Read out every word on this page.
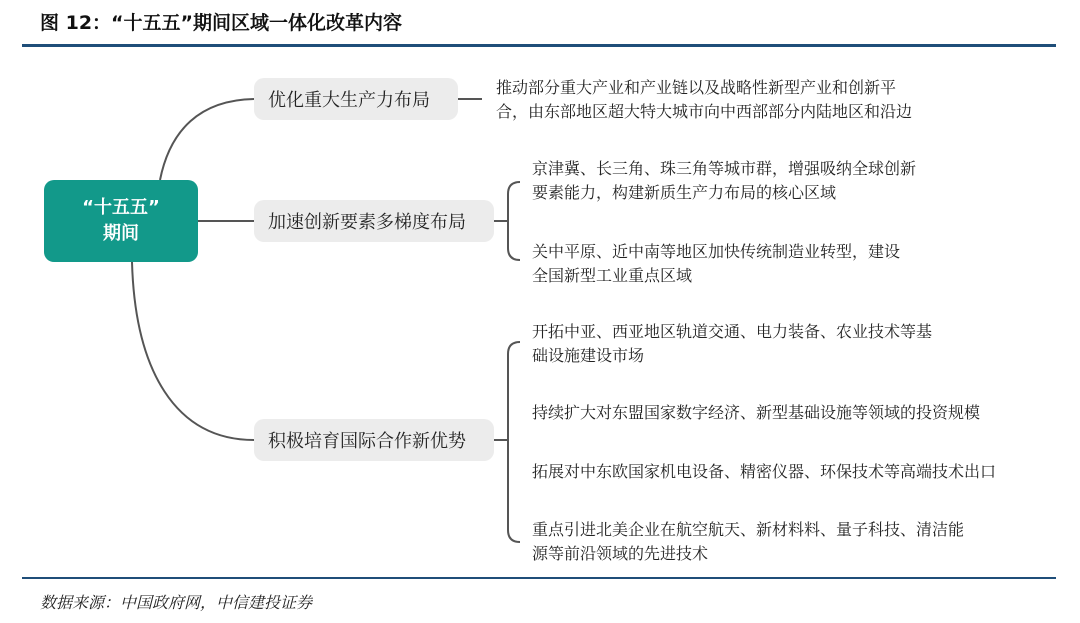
图 12：“十五五”期间区域一体化改革内容
“十五五”
期间
优化重大生产力布局
加速创新要素多梯度布局
积极培育国际合作新优势
推动部分重大产业和产业链以及战略性新型产业和创新平
合，由东部地区超大特大城市向中西部部分内陆地区和沿边
京津冀、长三角、珠三角等城市群，增强吸纳全球创新
要素能力，构建新质生产力布局的核心区域
关中平原、近中南等地区加快传统制造业转型，建设
全国新型工业重点区域
开拓中亚、西亚地区轨道交通、电力装备、农业技术等基
础设施建设市场
持续扩大对东盟国家数字经济、新型基础设施等领域的投资规模
拓展对中东欧国家机电设备、精密仪器、环保技术等高端技术出口
重点引进北美企业在航空航天、新材料料、量子科技、清洁能
源等前沿领域的先进技术
数据来源：中国政府网，中信建投证券
